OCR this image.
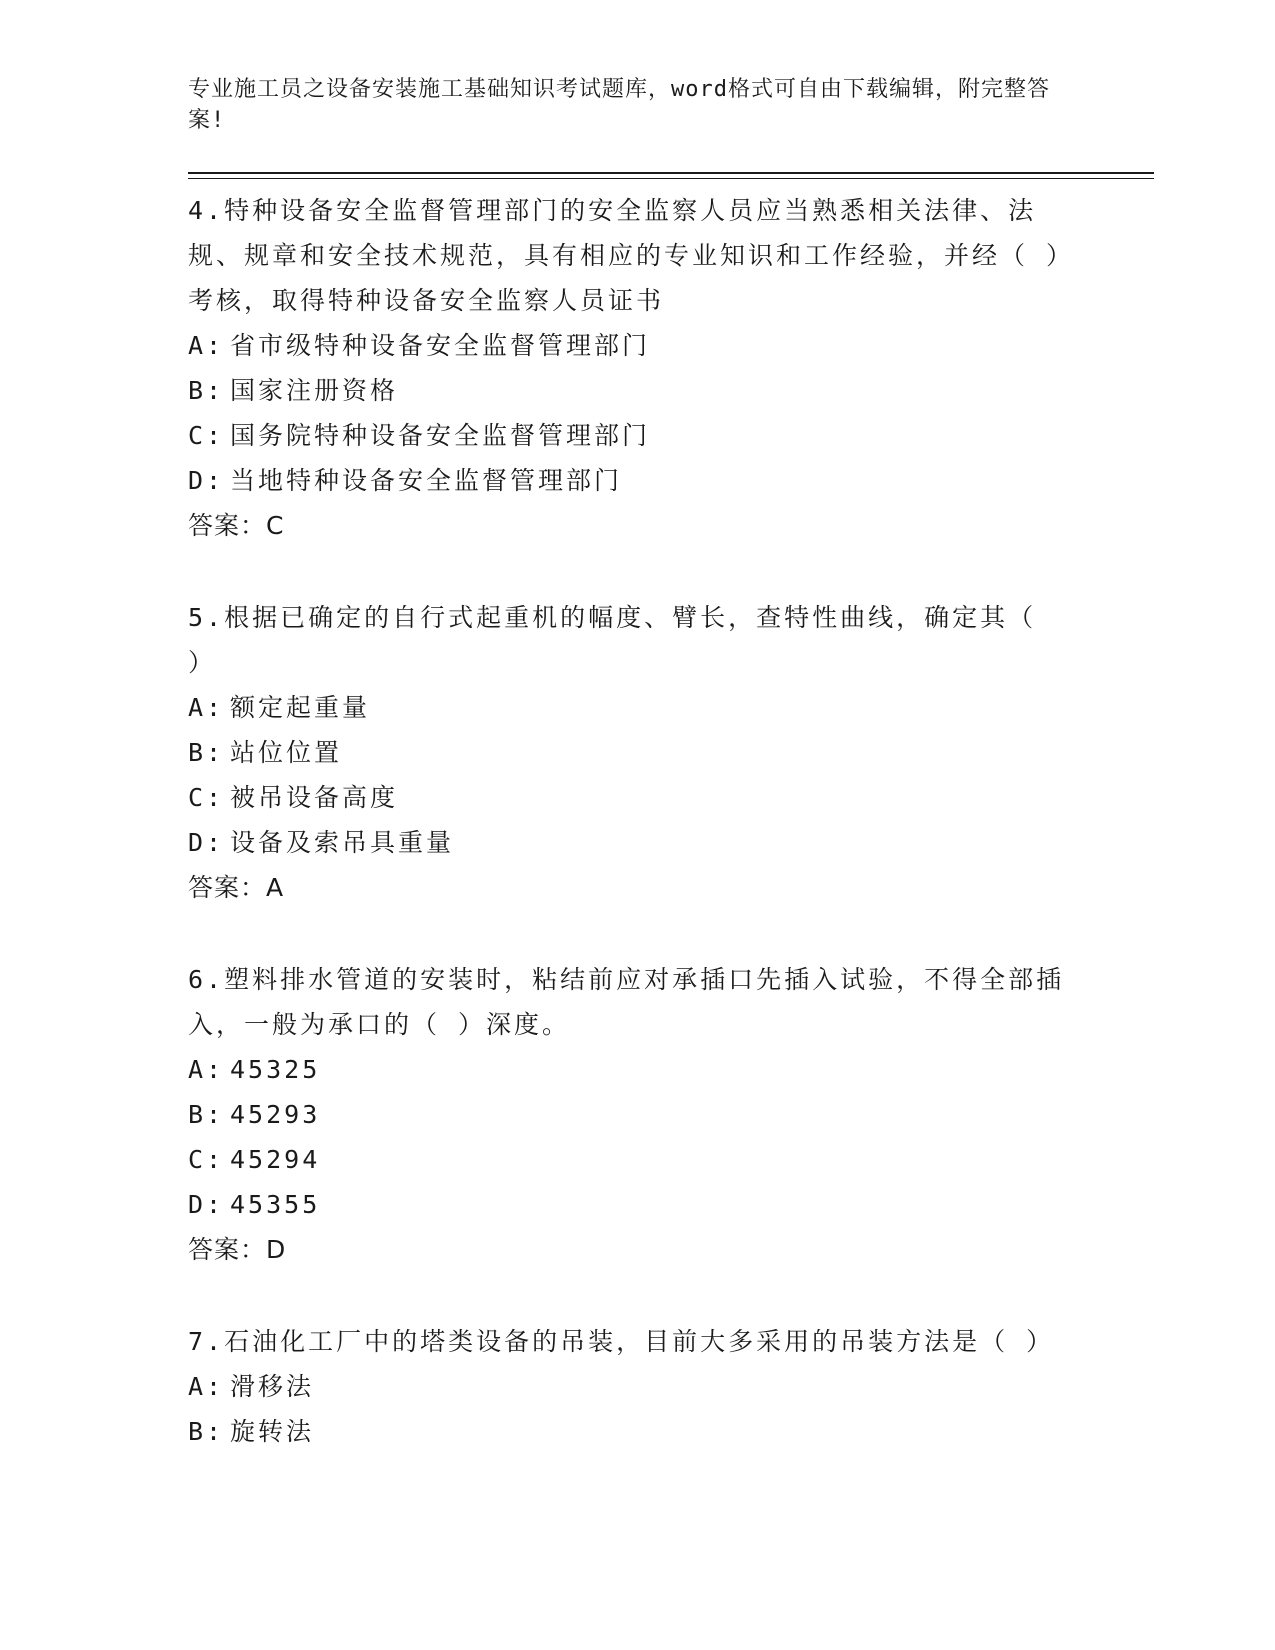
专业施工员之设备安装施工基础知识考试题库，word格式可自由下载编辑，附完整答案!

4.特种设备安全监督管理部门的安全监察人员应当熟悉相关法律、法规、规章和安全技术规范，具有相应的专业知识和工作经验，并经（ ）考核，取得特种设备安全监察人员证书

A: 省市级特种设备安全监督管理部门

B: 国家注册资格

C: 国务院特种设备安全监督管理部门

D: 当地特种设备安全监督管理部门

答案：C

5.根据已确定的自行式起重机的幅度、臂长，查特性曲线，确定其（ ）

A: 额定起重量

B: 站位位置

C: 被吊设备高度

D: 设备及索吊具重量

答案：A

6.塑料排水管道的安装时，粘结前应对承插口先插入试验，不得全部插入，一般为承口的（ ）深度。

A: 45325

B: 45293

C: 45294

D: 45355

答案：D

7.石油化工厂中的塔类设备的吊装，目前大多采用的吊装方法是（ ）

A: 滑移法

B: 旋转法
